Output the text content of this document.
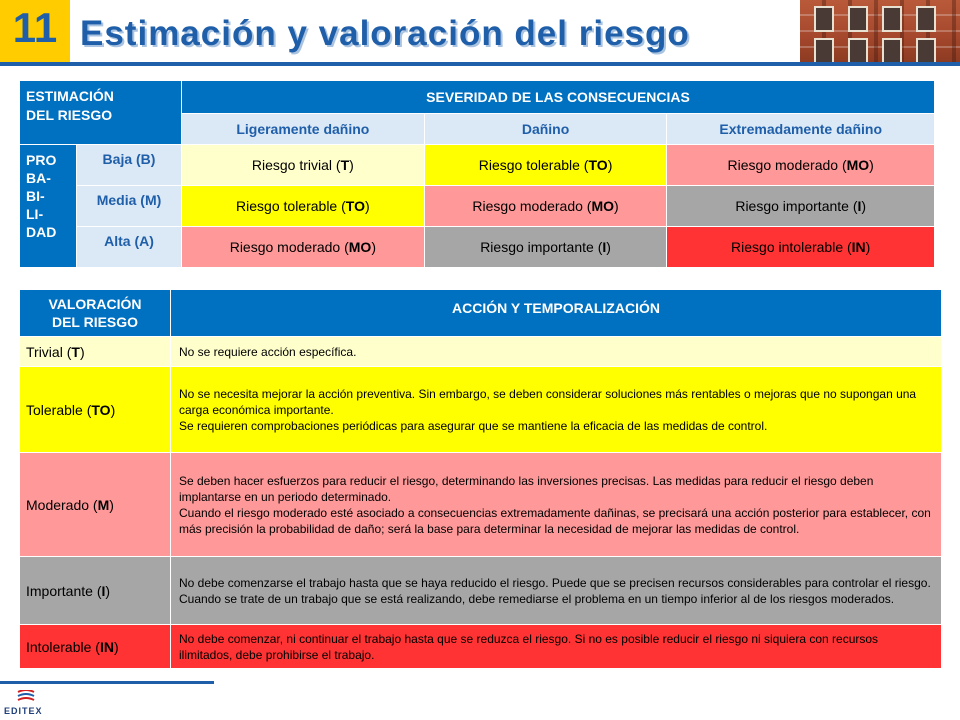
11 Estimación y valoración del riesgo
ESTIMACIÓN
DEL RIESGO		SEVERIDAD DE LAS CONSECUENCIAS		
		Ligeramente dañino	Dañino	Extremadamente dañino
PRO
BA-
BI-
LI-
DAD	Baja (B)	Riesgo trivial (T)	Riesgo tolerable (TO)	Riesgo moderado (MO)
	Media (M)	Riesgo tolerable (TO)	Riesgo moderado (MO)	Riesgo importante (I)
	Alta (A)	Riesgo moderado (MO)	Riesgo importante (I)	Riesgo intolerable (IN)
VALORACIÓN
DEL RIESGO	ACCIÓN Y TEMPORALIZACIÓN
Trivial (T)	No se requiere acción específica.

Tolerable (TO)	No se necesita mejorar la acción preventiva. Sin embargo, se deben considerar soluciones más rentables o mejoras que no supongan una carga económica importante.

Se requieren comprobaciones periódicas para asegurar que se mantiene la eficacia de las medidas de control.

Moderado (M)	Se deben hacer esfuerzos para reducir el riesgo, determinando las inversiones precisas. Las medidas para reducir el riesgo deben implantarse en un periodo determinado.

Cuando el riesgo moderado esté asociado a consecuencias extremadamente dañinas, se precisará una acción posterior para establecer, con más precisión la probabilidad de daño; será la base para determinar la necesidad de mejorar las medidas de control.

Importante (I)	No debe comenzarse el trabajo hasta que se haya reducido el riesgo. Puede que se precisen recursos considerables para controlar el riesgo. Cuando se trate de un trabajo que se está realizando, debe remediarse el problema en un tiempo inferior al de los riesgos moderados.

Intolerable (IN)	No debe comenzar, ni continuar el trabajo hasta que se reduzca el riesgo. Si no es posible reducir el riesgo ni siquiera con recursos ilimitados, debe prohibirse el trabajo.

EDITEX
